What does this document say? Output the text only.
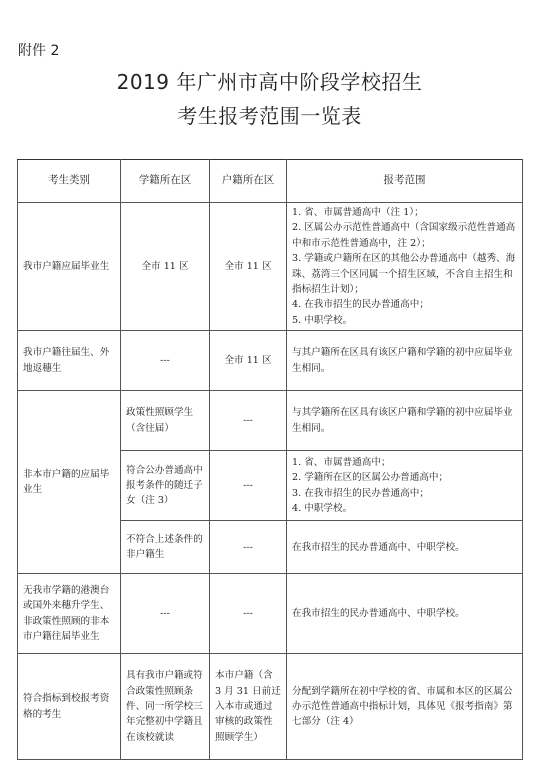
附件 2
2019 年广州市高中阶段学校招生
考生报考范围一览表
考生类别	学籍所在区	户籍所在区	报考范围
我市户籍应届毕业生	全市 11 区	全市 11 区	1. 省、市属普通高中（注 1）；
2. 区属公办示范性普通高中（含国家级示范性普通高中和市示范性普通高中，注 2）；
3. 学籍或户籍所在区的其他公办普通高中（越秀、海珠、荔湾三个区同属一个招生区域，不含自主招生和指标招生计划）；
4. 在我市招生的民办普通高中；
5. 中职学校。

我市户籍往届生、外地返穗生	---	全市 11 区	与其户籍所在区具有该区户籍和学籍的初中应届毕业生相同。
非本市户籍的应届毕业生	政策性照顾学生（含往届）	---	与其学籍所在区具有该区户籍和学籍的初中应届毕业生相同。
	符合公办普通高中报考条件的随迁子女（注 3）	---	1. 省、市属普通高中；
2. 学籍所在区的区属公办普通高中；
3. 在我市招生的民办普通高中；
4. 中职学校。

	不符合上述条件的非户籍生	---	在我市招生的民办普通高中、中职学校。
无我市学籍的港澳台或国外来穗升学生、非政策性照顾的非本市户籍往届毕业生	---	---	在我市招生的民办普通高中、中职学校。
符合指标到校报考资格的考生	具有我市户籍或符合政策性照顾条件、同一所学校三年完整初中学籍且在该校就读	本市户籍（含 3 月 31 日前迁入本市或通过审核的政策性照顾学生）	分配到学籍所在初中学校的省、市属和本区的区属公办示范性普通高中指标计划，具体见《报考指南》第七部分（注 4）
